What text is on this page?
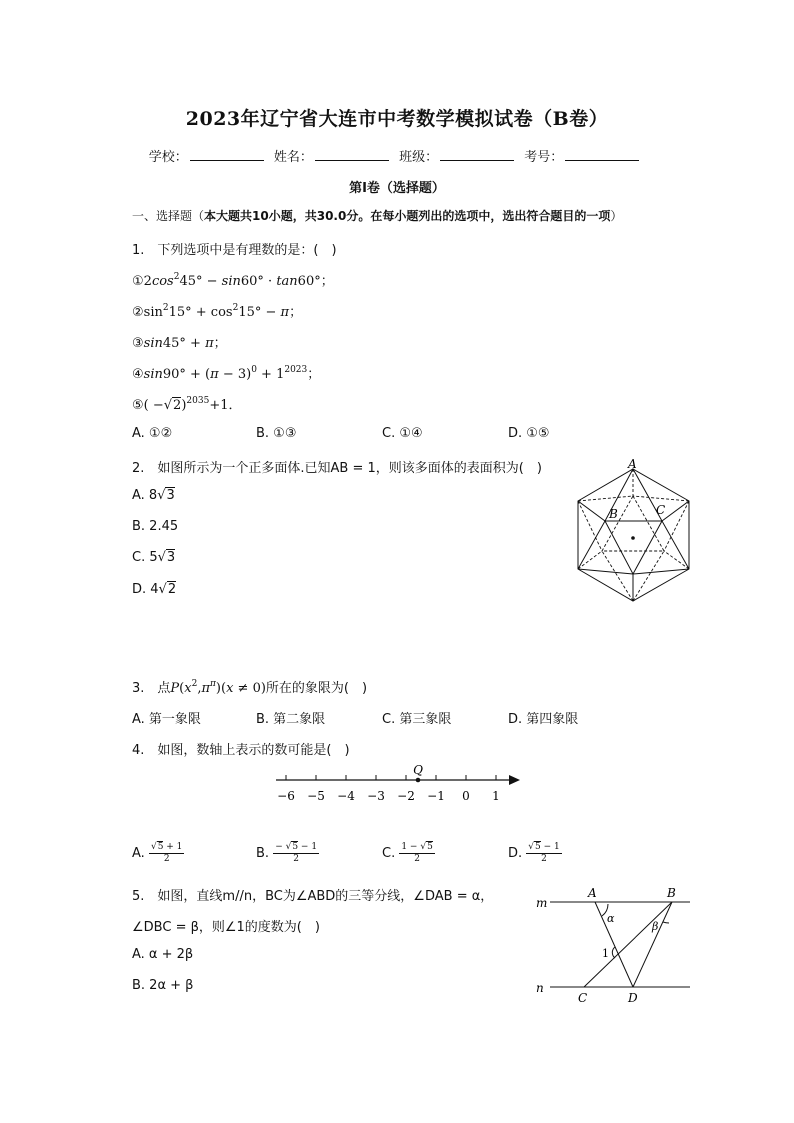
2023年辽宁省大连市中考数学模拟试卷（B卷）
学校：	姓名：	班级：	考号：
第Ⅰ卷（选择题）
一、选择题（本大题共10小题，共30.0分。在每小题列出的选项中，选出符合题目的一项）
1.　下列选项中是有理数的是：(　)
$①2\cos^245^\circ - \sin 60^\circ \cdot \tan 60^\circ$；
$②\sin^215^\circ + \cos^215^\circ - \pi$；
③sin45° + π；
④sin90° + $(\pi - 3)^0 + 1^{2023}$；
⑤( −√2)$^{2035}$+1．
A. ①②	B. ①③	C. ①④	D. ①⑤
2.　如图所示为一个正多面体.已知AB = 1，则该多面体的表面积为(　)
A. 8√3
B. 2.45
C. 5√3
D. 4√2
A
B	C
3.　点$P(x^2,\pi^\pi)(x \ne 0)$所在的象限为(　)
A. 第一象限	B. 第二象限	C. 第三象限	D. 第四象限
4.　如图，数轴上表示的数可能是(　)
−6 −5 −4 −3 −2 −1 0 1
Q
A. $\frac{√5 + 1}{2}$	B. $\frac{- √5 - 1}{2}$	C. $\frac{1 - √5}{2}$	D. $\frac{√5 - 1}{2}$
5.　如图，直线m//n，BC为∠ABD的三等分线，∠DAB = α，
∠DBC = β，则∠1的度数为(　)
A. α + 2β
B. 2α + β
A	B
C	D
m
n
α
β
1
